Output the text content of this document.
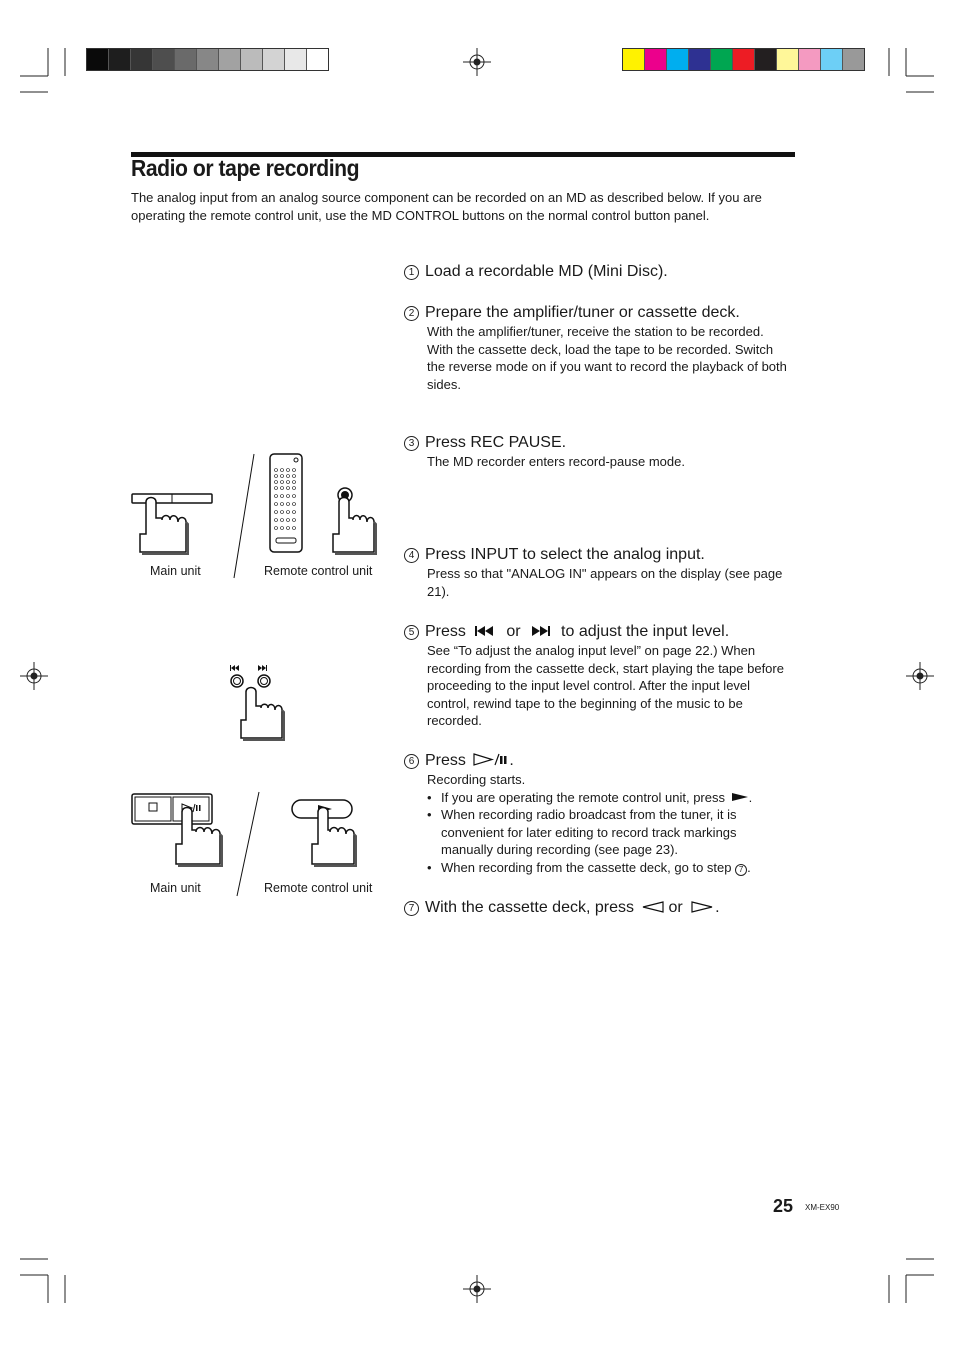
Radio or tape recording
The analog input from an analog source component can be recorded on an MD as described below. If you are operating the remote control unit, use the MD CONTROL buttons on the normal control button panel.
1 Load a recordable MD (Mini Disc).
2 Prepare the amplifier/tuner or cassette deck.
With the amplifier/tuner, receive the station to be recorded.
With the cassette deck, load the tape to be recorded. Switch the reverse mode on if you want to record the playback of both sides.
3 Press REC PAUSE.
The MD recorder enters record-pause mode.
4 Press INPUT to select the analog input.
Press so that "ANALOG IN" appears on the display (see page 21).
5 Press	or	to adjust the input level.
See “To adjust the analog input level” on page 22.) When recording from the cassette deck, start playing the tape before proceeding to the input level control. After the input level control, rewind tape to the beginning of the music to be recorded.
6 Press	.
Recording starts.
• If you are operating the remote control unit, press .
• When recording radio broadcast from the tuner, it is convenient for later editing to record track markings manually during recording (see page 23).
• When recording from the cassette deck, go to step 7 .
7 With the cassette deck, press or .
Main unit	Remote control unit
Main unit	Remote control unit
25 XM-EX90
